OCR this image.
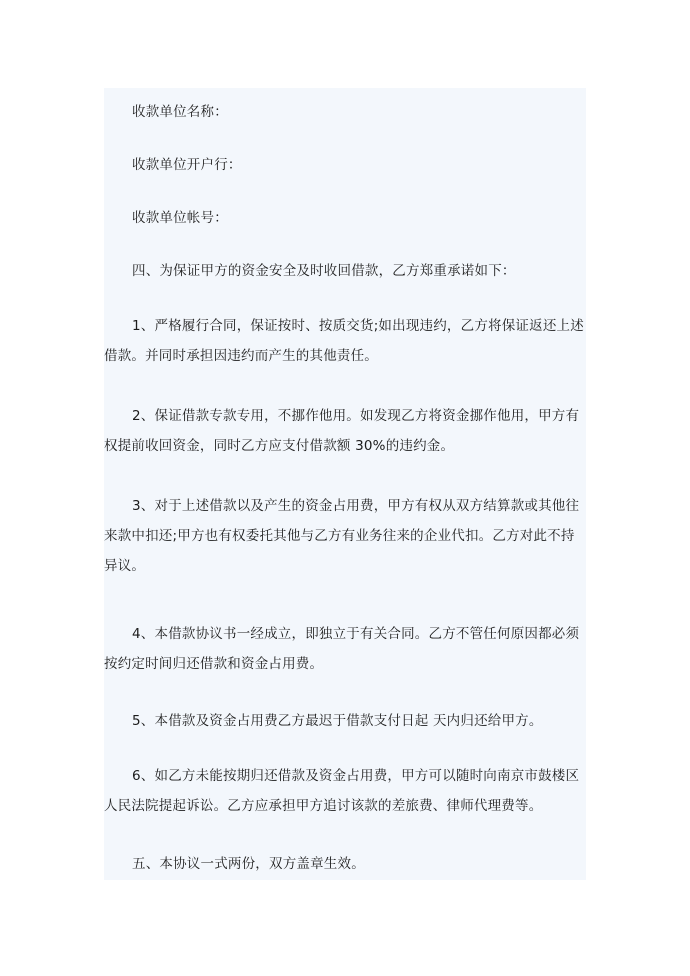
收款单位名称：

收款单位开户行：

收款单位帐号：

四、为保证甲方的资金安全及时收回借款，乙方郑重承诺如下：

1、严格履行合同，保证按时、按质交货;如出现违约，乙方将保证返还上述借款。并同时承担因违约而产生的其他责任。

2、保证借款专款专用，不挪作他用。如发现乙方将资金挪作他用，甲方有权提前收回资金，同时乙方应支付借款额 30%的违约金。

3、对于上述借款以及产生的资金占用费，甲方有权从双方结算款或其他往来款中扣还;甲方也有权委托其他与乙方有业务往来的企业代扣。乙方对此不持异议。

4、本借款协议书一经成立，即独立于有关合同。乙方不管任何原因都必须按约定时间归还借款和资金占用费。

5、本借款及资金占用费乙方最迟于借款支付日起 天内归还给甲方。

6、如乙方未能按期归还借款及资金占用费，甲方可以随时向南京市鼓楼区人民法院提起诉讼。乙方应承担甲方追讨该款的差旅费、律师代理费等。

五、本协议一式两份，双方盖章生效。
